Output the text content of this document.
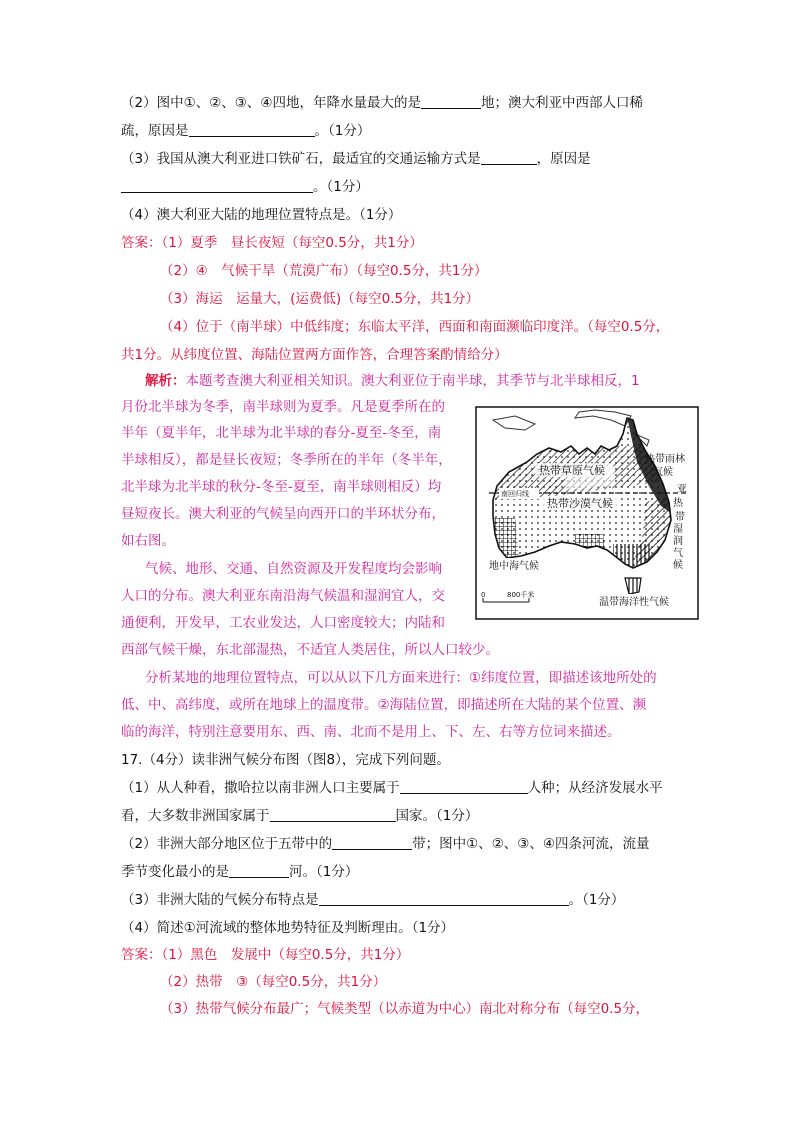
（2）图中①、②、③、④四地，年降水量最大的是	地；澳大利亚中西部人口稀
疏，原因是	。（1分）
（3）我国从澳大利亚进口铁矿石，最适宜的交通运输方式是	，原因是
。（1分）
（4）澳大利亚大陆的地理位置特点是。（1分）
答案：（1）夏季　昼长夜短（每空0.5分，共1分）
（2）④　气候干旱（荒漠广布）（每空0.5分，共1分）
（3）海运　运量大，(运费低)（每空0.5分，共1分）
（4）位于（南半球）中低纬度；东临太平洋，西面和南面濒临印度洋。（每空0.5分，
共1分。从纬度位置、海陆位置两方面作答，合理答案酌情给分）
解析：本题考查澳大利亚相关知识。澳大利亚位于南半球，其季节与北半球相反，1
月份北半球为冬季，南半球则为夏季。凡是夏季所在的
半年（夏半年，北半球为北半球的春分-夏至-冬至，南
半球相反），都是昼长夜短；冬季所在的半年（冬半年，
北半球为北半球的秋分-冬至-夏至，南半球则相反）均
昼短夜长。澳大利亚的气候呈向西开口的半环状分布，
如右图。
气候、地形、交通、自然资源及开发程度均会影响
人口的分布。澳大利亚东南沿海气候温和湿润宜人，交
通便利，开发早，工农业发达，人口密度较大；内陆和
西部气候干燥，东北部湿热，不适宜人类居住，所以人口较少。
分析某地的地理位置特点，可以从以下几方面来进行：①纬度位置，即描述该地所处的
低、中、高纬度，或所在地球上的温度带。②海陆位置，即描述所在大陆的某个位置、濒
临的海洋，特别注意要用东、西、南、北而不是用上、下、左、右等方位词来描述。
热带草原气候
热带沙漠气候
南回归线
热带雨林
气候
亚
热
带
湿
润
气
候
地中海气候
温带海洋性气候
0	800千米
17.（4分）读非洲气候分布图（图8），完成下列问题。
（1）从人种看，撒哈拉以南非洲人口主要属于	人种；从经济发展水平
看，大多数非洲国家属于	国家。（1分）
（2）非洲大部分地区位于五带中的	带；图中①、②、③、④四条河流，流量
季节变化最小的是	河。（1分）
（3）非洲大陆的气候分布特点是	。（1分）
（4）简述①河流域的整体地势特征及判断理由。（1分）
答案：（1）黑色　发展中（每空0.5分，共1分）
（2）热带　③（每空0.5分，共1分）
（3）热带气候分布最广；气候类型（以赤道为中心）南北对称分布（每空0.5分，
